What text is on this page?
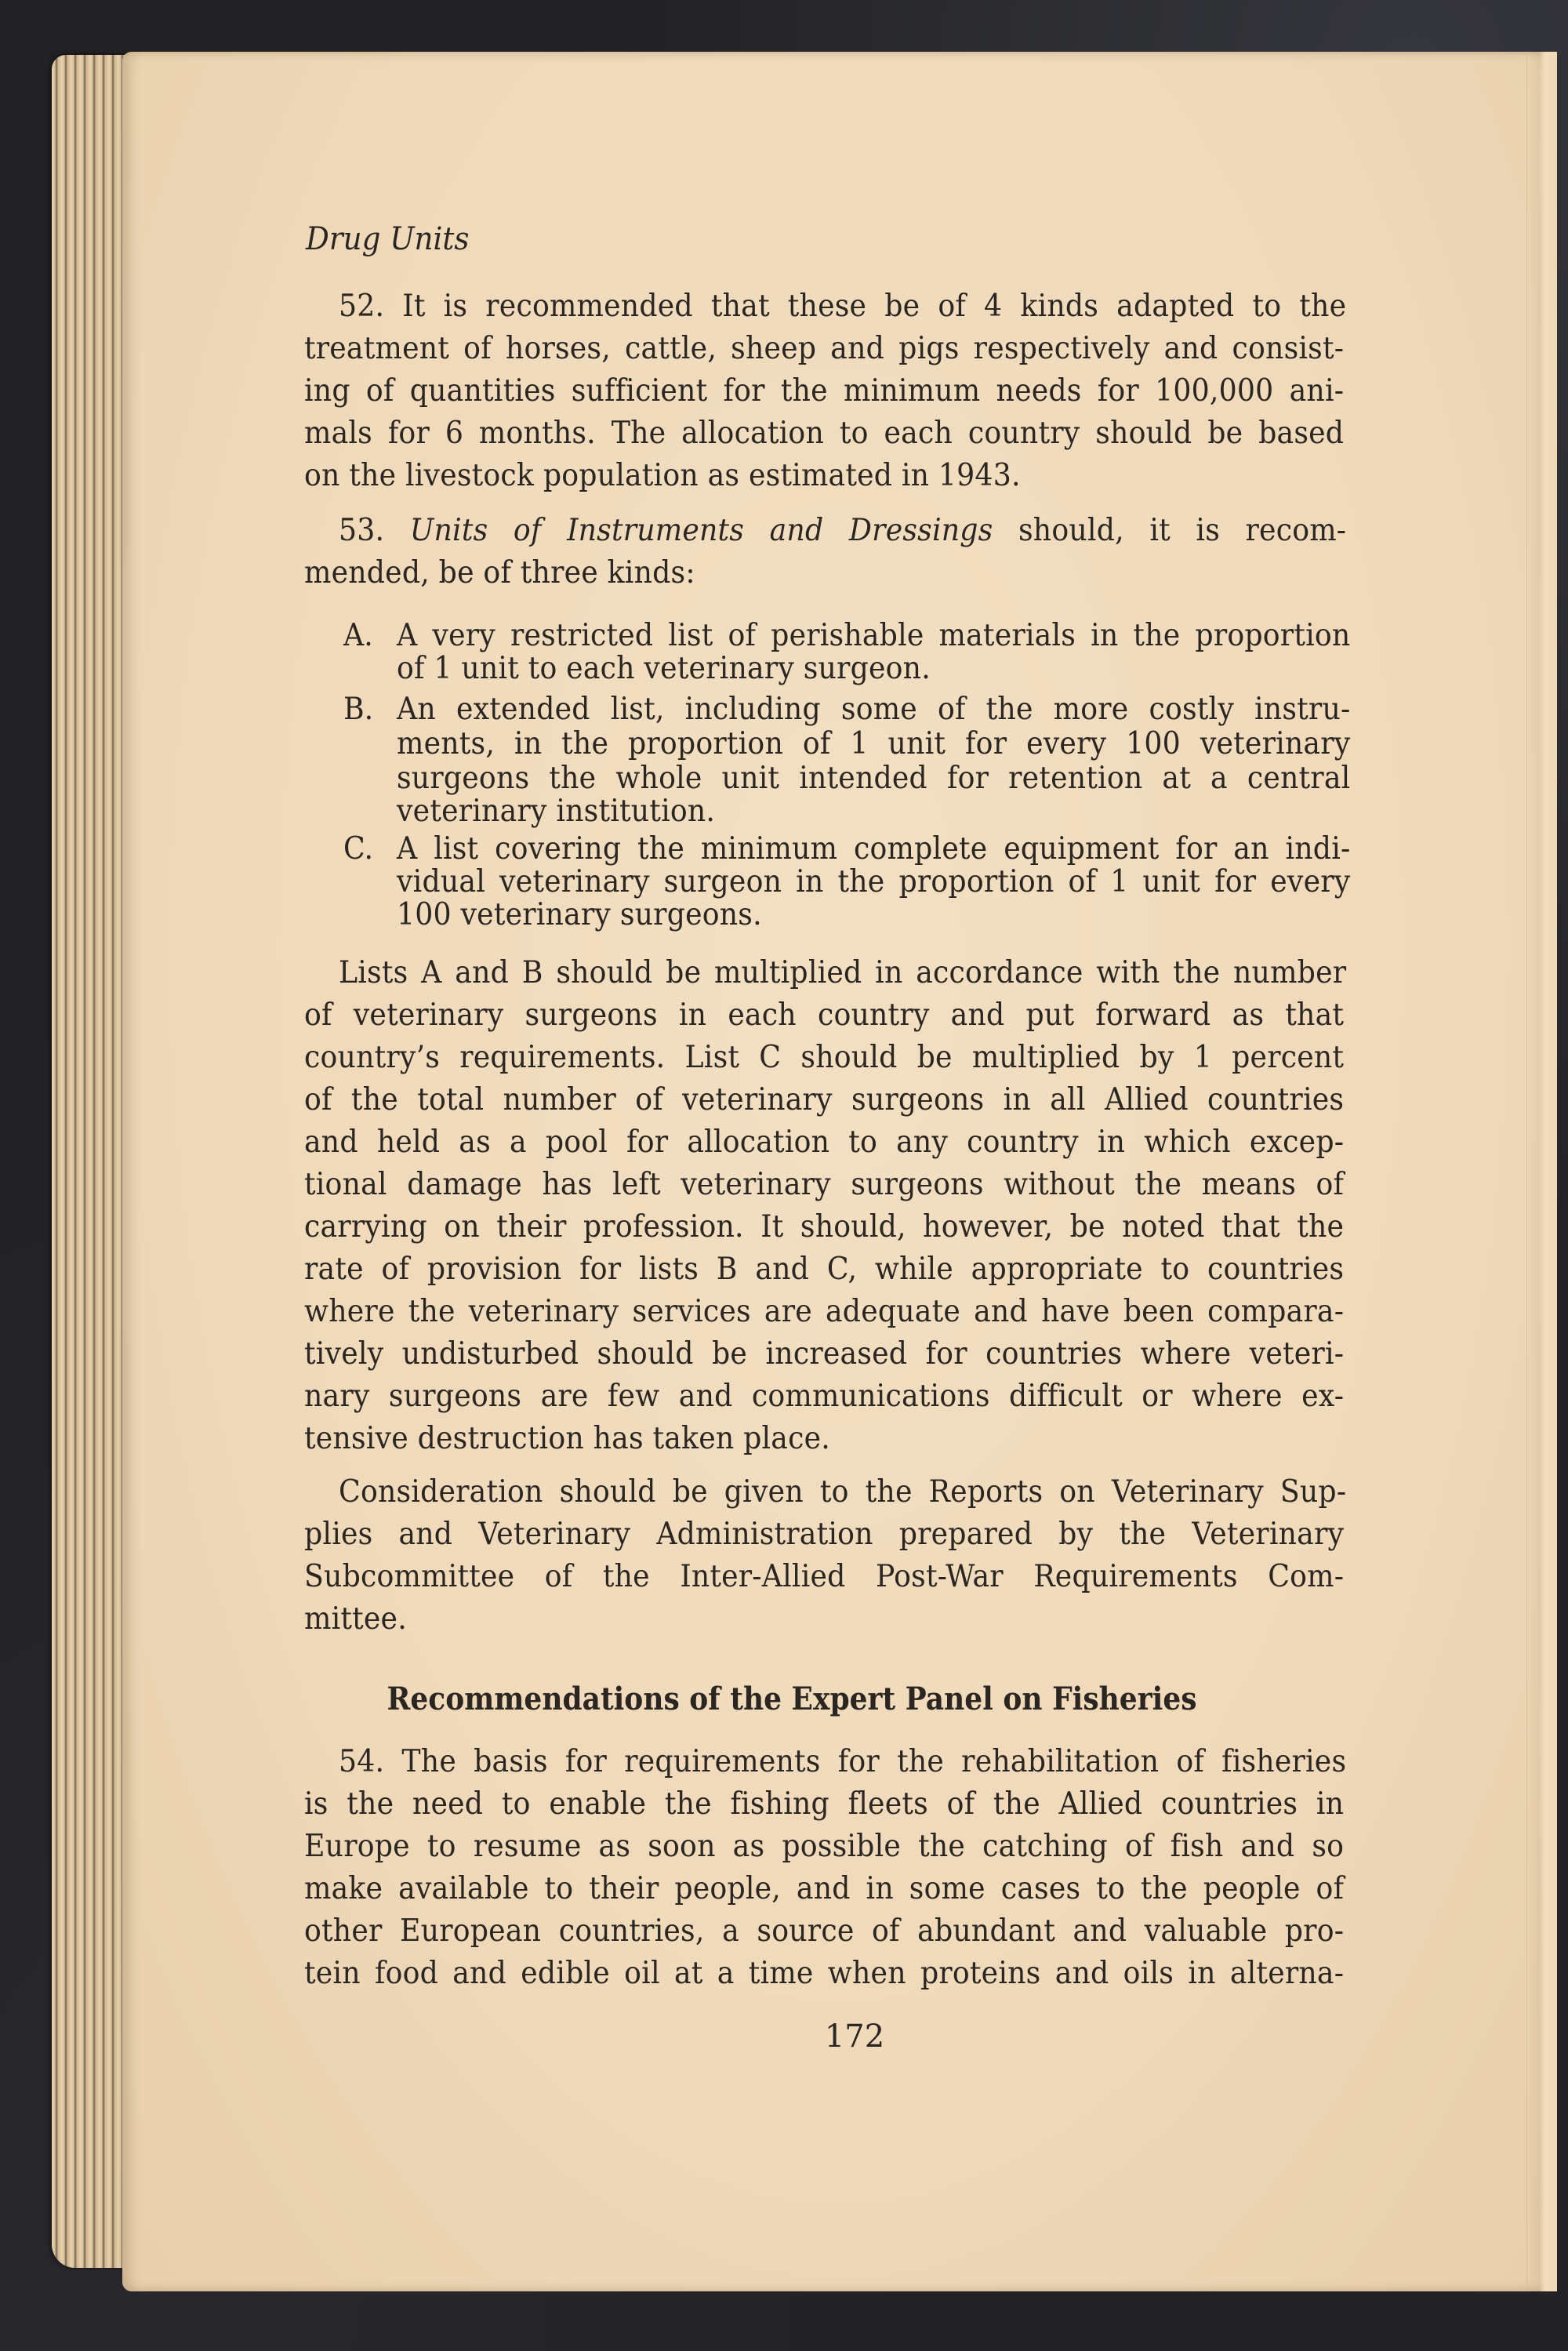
Drug Units
52. It is recommended that these be of 4 kinds adapted to the
treatment of horses, cattle, sheep and pigs respectively and consist-
ing of quantities sufficient for the minimum needs for 100,000 ani-
mals for 6 months. The allocation to each country should be based
on the livestock population as estimated in 1943.
53. Units of Instruments and Dressings should, it is recom-
mended, be of three kinds:
A. A very restricted list of perishable materials in the proportion
of 1 unit to each veterinary surgeon.
B. An extended list, including some of the more costly instru-
ments, in the proportion of 1 unit for every 100 veterinary
surgeons the whole unit intended for retention at a central
veterinary institution.
C. A list covering the minimum complete equipment for an indi-
vidual veterinary surgeon in the proportion of 1 unit for every
100 veterinary surgeons.
Lists A and B should be multiplied in accordance with the number
of veterinary surgeons in each country and put forward as that
country’s requirements. List C should be multiplied by 1 percent
of the total number of veterinary surgeons in all Allied countries
and held as a pool for allocation to any country in which excep-
tional damage has left veterinary surgeons without the means of
carrying on their profession. It should, however, be noted that the
rate of provision for lists B and C, while appropriate to countries
where the veterinary services are adequate and have been compara-
tively undisturbed should be increased for countries where veteri-
nary surgeons are few and communications difficult or where ex-
tensive destruction has taken place.
Consideration should be given to the Reports on Veterinary Sup-
plies and Veterinary Administration prepared by the Veterinary
Subcommittee of the Inter-Allied Post-War Requirements Com-
mittee.
Recommendations of the Expert Panel on Fisheries
54. The basis for requirements for the rehabilitation of fisheries
is the need to enable the fishing fleets of the Allied countries in
Europe to resume as soon as possible the catching of fish and so
make available to their people, and in some cases to the people of
other European countries, a source of abundant and valuable pro-
tein food and edible oil at a time when proteins and oils in alterna-
172
